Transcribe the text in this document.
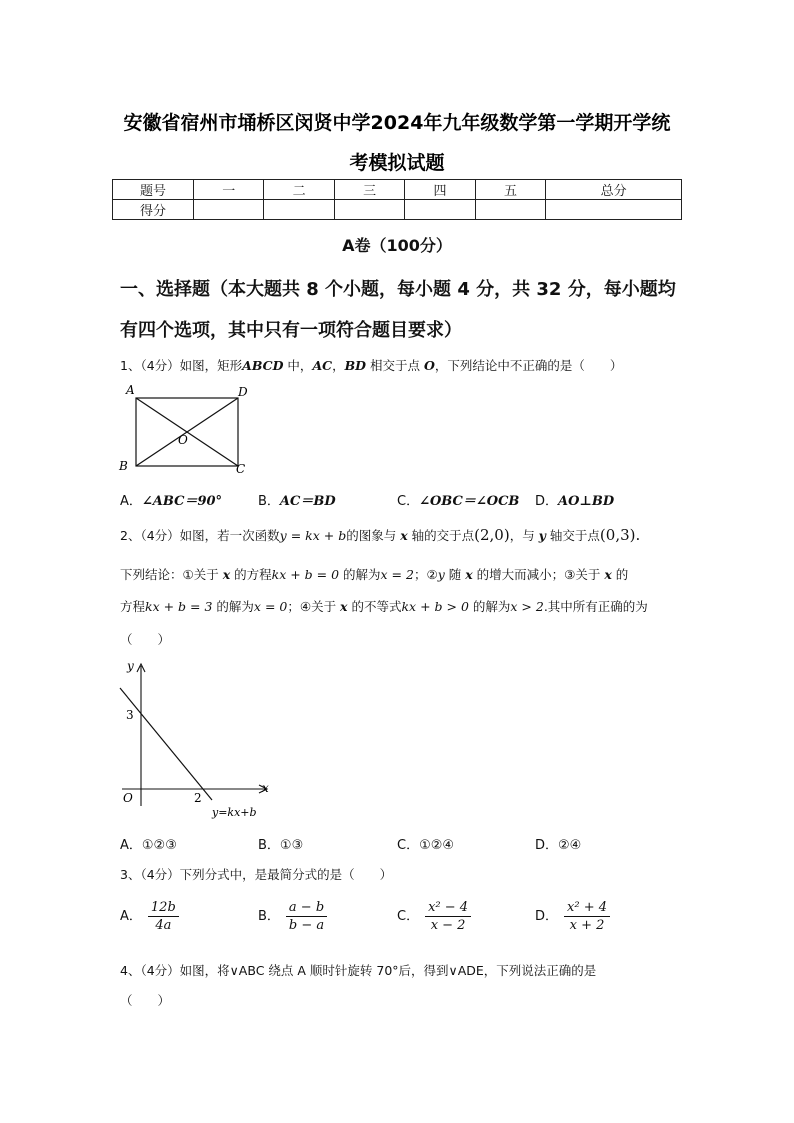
安徽省宿州市埇桥区闵贤中学2024年九年级数学第一学期开学统
考模拟试题
题号	一	二	三	四	五	总分
得分						
A卷（100分）
一、选择题（本大题共 8 个小题，每小题 4 分，共 32 分，每小题均
有四个选项，其中只有一项符合题目要求）
1、（4分）如图，矩形ABCD 中，AC，BD 相交于点 O，下列结论中不正确的是（　　）
A	D
B	C
O
A．∠ABC＝90°	B．AC＝BD	C．∠OBC＝∠OCB D．AO⊥BD
2、（4分）如图，若一次函数y = kx + b的图象与 x 轴的交于点(2,0)，与 y 轴交于点(0,3).
下列结论：①关于 x 的方程kx + b = 0 的解为x = 2；②y 随 x 的增大而减小；③关于 x 的
方程kx + b = 3 的解为x = 0；④关于 x 的不等式kx + b > 0 的解为x > 2.其中所有正确的为
（　　）
y
x
3
O	2
y=kx+b
A．①②③	B．①③	C．①②④	D．②④
3、（4分）下列分式中，是最简分式的是（　　）
A． $\frac{12b}{4a}$	B． $\frac{a - b}{b - a}$	C． $\frac{\text{x² − 4}}{x - 2}$	D． $\frac{\text{x² + 4}}{x + 2}$
4、（4分）如图，将∨ABC 绕点 A 顺时针旋转 70°后，得到∨ADE，下列说法正确的是
（　　）
